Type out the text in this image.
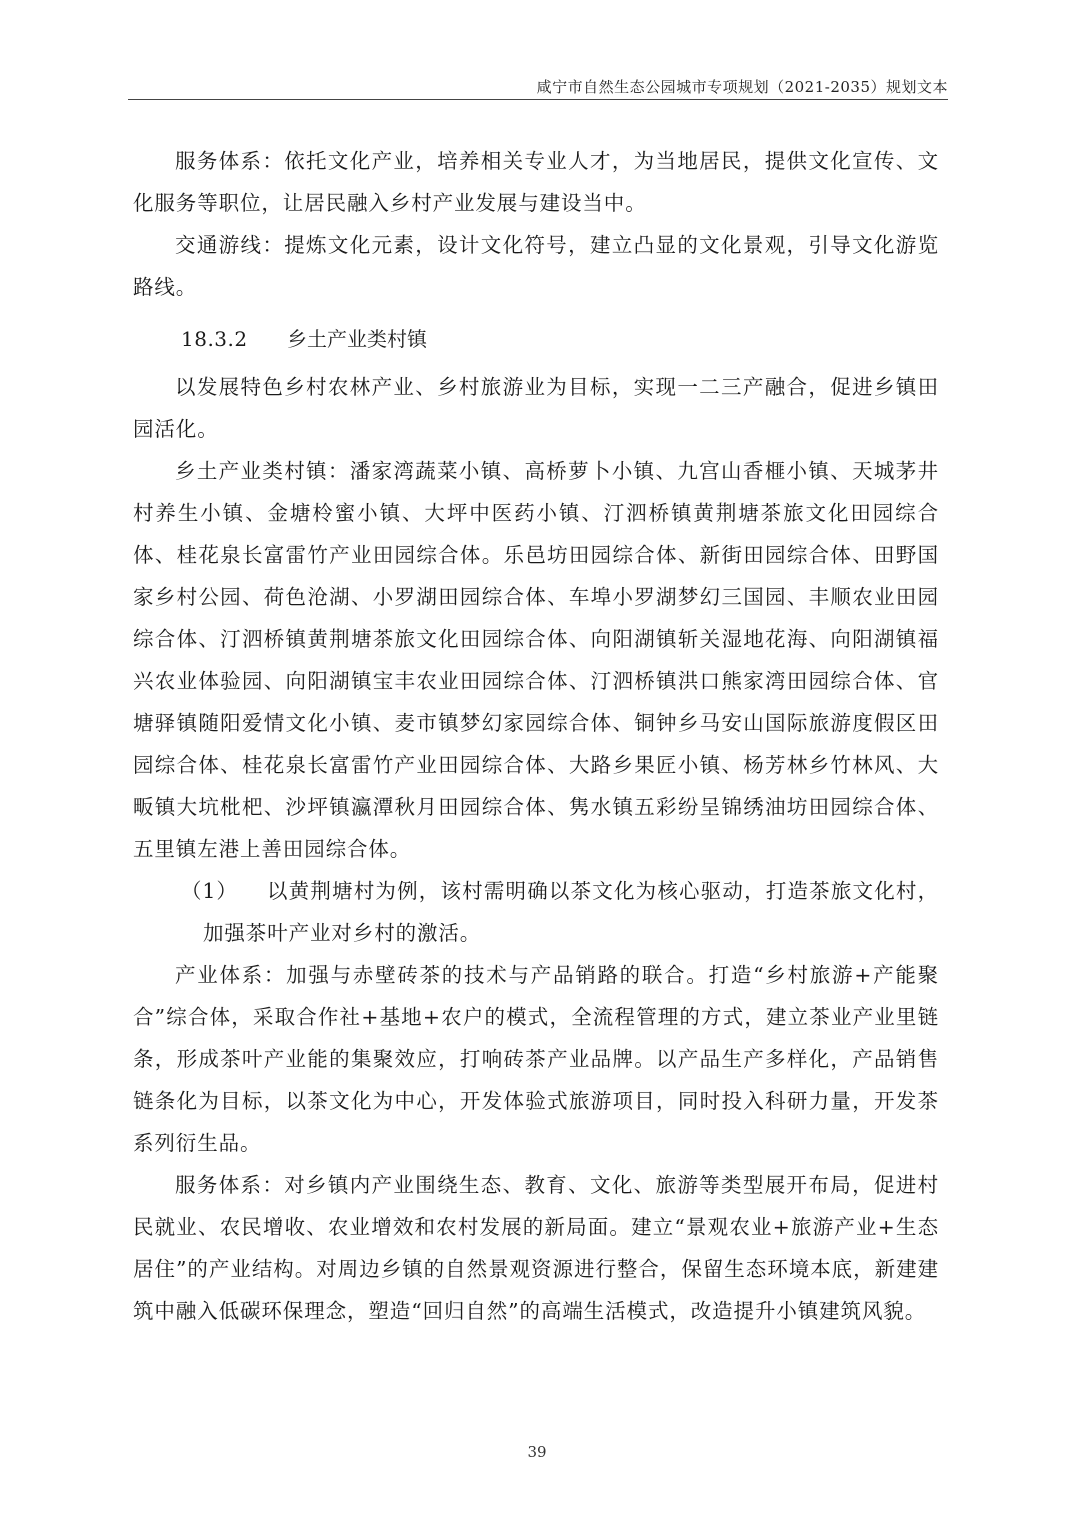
咸宁市自然生态公园城市专项规划（2021-2035）规划文本

服务体系：依托文化产业，培养相关专业人才，为当地居民，提供文化宣传、文化服务等职位，让居民融入乡村产业发展与建设当中。

交通游线：提炼文化元素，设计文化符号，建立凸显的文化景观，引导文化游览路线。

18.3.2 乡土产业类村镇

以发展特色乡村农林产业、乡村旅游业为目标，实现一二三产融合，促进乡镇田园活化。

乡土产业类村镇：潘家湾蔬菜小镇、高桥萝卜小镇、九宫山香榧小镇、天城茅井村养生小镇、金塘柃蜜小镇、大坪中医药小镇、汀泗桥镇黄荆塘茶旅文化田园综合体、桂花泉长富雷竹产业田园综合体。乐邑坊田园综合体、新街田园综合体、田野国家乡村公园、荷色沧湖、小罗湖田园综合体、车埠小罗湖梦幻三国园、丰顺农业田园综合体、汀泗桥镇黄荆塘茶旅文化田园综合体、向阳湖镇斩关湿地花海、向阳湖镇福兴农业体验园、向阳湖镇宝丰农业田园综合体、汀泗桥镇洪口熊家湾田园综合体、官塘驿镇随阳爱情文化小镇、麦市镇梦幻家园综合体、铜钟乡马安山国际旅游度假区田园综合体、桂花泉长富雷竹产业田园综合体、大路乡果匠小镇、杨芳林乡竹林风、大畈镇大坑枇杷、沙坪镇瀛潭秋月田园综合体、隽水镇五彩纷呈锦绣油坊田园综合体、五里镇左港上善田园综合体。

（1）	以黄荆塘村为例，该村需明确以茶文化为核心驱动，打造茶旅文化村，加强茶叶产业对乡村的激活。

产业体系：加强与赤壁砖茶的技术与产品销路的联合。打造“乡村旅游+产能聚合”综合体，采取合作社+基地+农户的模式，全流程管理的方式，建立茶业产业里链条，形成茶叶产业能的集聚效应，打响砖茶产业品牌。以产品生产多样化，产品销售链条化为目标，以茶文化为中心，开发体验式旅游项目，同时投入科研力量，开发茶系列衍生品。

服务体系：对乡镇内产业围绕生态、教育、文化、旅游等类型展开布局，促进村民就业、农民增收、农业增效和农村发展的新局面。建立“景观农业+旅游产业+生态居住”的产业结构。对周边乡镇的自然景观资源进行整合，保留生态环境本底，新建建筑中融入低碳环保理念，塑造“回归自然”的高端生活模式，改造提升小镇建筑风貌。

39
